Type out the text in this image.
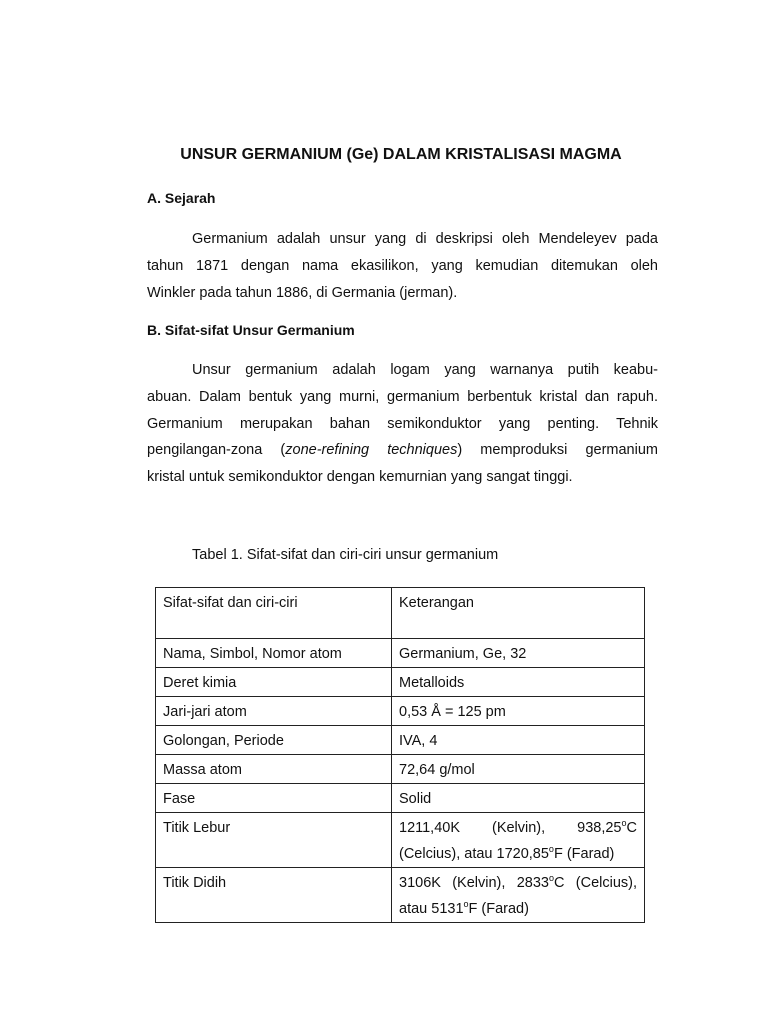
UNSUR GERMANIUM (Ge) DALAM KRISTALISASI MAGMA
A. Sejarah
Germanium adalah unsur yang di deskripsi oleh Mendeleyev pada
tahun 1871 dengan nama ekasilikon, yang kemudian ditemukan oleh
Winkler pada tahun 1886, di Germania (jerman).
B. Sifat-sifat Unsur Germanium
Unsur germanium adalah logam yang warnanya putih keabu-
abuan. Dalam bentuk yang murni, germanium berbentuk kristal dan rapuh.
Germanium merupakan bahan semikonduktor yang penting. Tehnik
pengilangan-zona (zone-refining techniques) memproduksi germanium
kristal untuk semikonduktor dengan kemurnian yang sangat tinggi.
Tabel 1. Sifat-sifat dan ciri-ciri unsur germanium
Sifat-sifat dan ciri-ciri	Keterangan
Nama, Simbol, Nomor atom	Germanium, Ge, 32
Deret kimia	Metalloids
Jari-jari atom	0,53 Å = 125 pm
Golongan, Periode	IVA, 4
Massa atom	72,64 g/mol
Fase	Solid
Titik Lebur	1211,40K (Kelvin), 938,25$^o$C
(Celcius), atau 1720,85$^o$F (Farad)
Titik Didih	3106K (Kelvin), 2833$^o$C (Celcius),
atau 5131$^o$F (Farad)
